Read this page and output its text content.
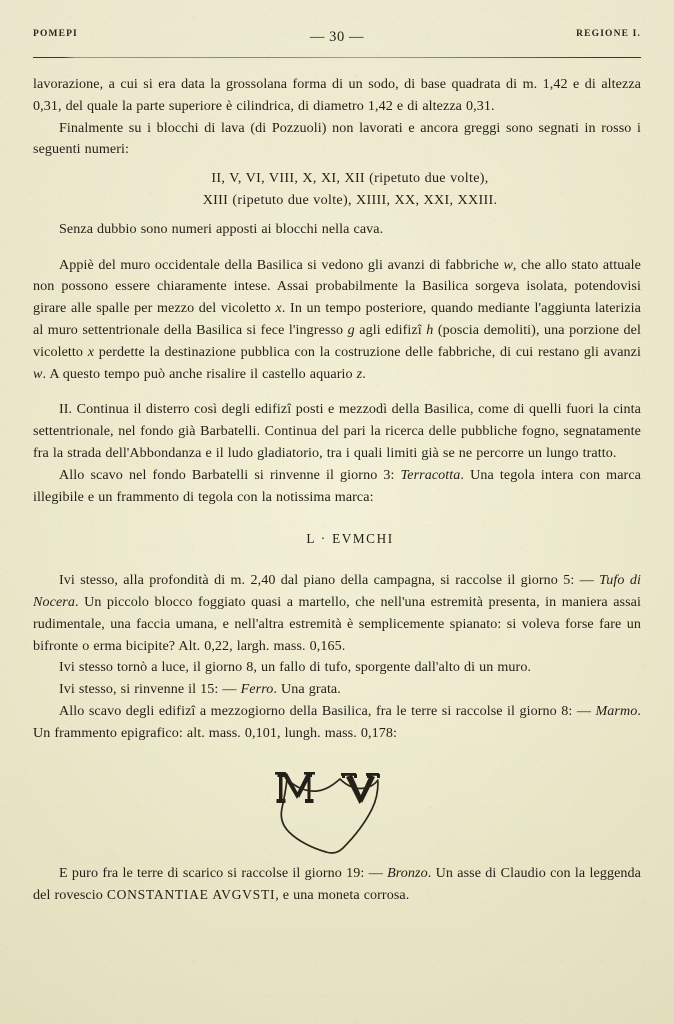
POMEPI	— 30 —	REGIONE I.

lavorazione, a cui si era data la grossolana forma di un sodo, di base quadrata di m. 1,42 e di altezza 0,31, del quale la parte superiore è cilindrica, di diametro 1,42 e di altezza 0,31.

Finalmente su i blocchi di lava (di Pozzuoli) non lavorati e ancora greggi sono segnati in rosso i seguenti numeri:

II, V, VI, VIII, X, XI, XII (ripetuto due volte),
XIII (ripetuto due volte), XIIII, XX, XXI, XXIII.

Senza dubbio sono numeri apposti ai blocchi nella cava.

Appiè del muro occidentale della Basilica si vedono gli avanzi di fabbriche w, che allo stato attuale non possono essere chiaramente intese. Assai probabilmente la Basilica sorgeva isolata, potendovisi girare alle spalle per mezzo del vicoletto x. In un tempo posteriore, quando mediante l'aggiunta laterizia al muro settentrionale della Basilica si fece l'ingresso g agli edifizî h (poscia demoliti), una porzione del vicoletto x perdette la destinazione pubblica con la costruzione delle fabbriche, di cui restano gli avanzi w. A questo tempo può anche risalire il castello aquario z.

II. Continua il disterro così degli edifizî posti e mezzodì della Basilica, come di quelli fuori la cinta settentrionale, nel fondo già Barbatelli. Continua del pari la ricerca delle pubbliche fogno, segnatamente fra la strada dell'Abbondanza e il ludo gladiatorio, tra i quali limiti già se ne percorre un lungo tratto.

Allo scavo nel fondo Barbatelli si rinvenne il giorno 3: Terracotta. Una tegola intera con marca illegibile e un frammento di tegola con la notissima marca:

L · EVMCHI

Ivi stesso, alla profondità di m. 2,40 dal piano della campagna, si raccolse il giorno 5: — Tufo di Nocera. Un piccolo blocco foggiato quasi a martello, che nell'una estremità presenta, in maniera assai rudimentale, una faccia umana, e nell'altra estremità è semplicemente spianato: si voleva forse fare un bifronte o erma bicipite? Alt. 0,22, largh. mass. 0,165.

Ivi stesso tornò a luce, il giorno 8, un fallo di tufo, sporgente dall'alto di un muro.

Ivi stesso, si rinvenne il 15: — Ferro. Una grata.

Allo scavo degli edifizî a mezzogiorno della Basilica, fra le terre si raccolse il giorno 8: — Marmo. Un frammento epigrafico: alt. mass. 0,101, lungh. mass. 0,178:

E puro fra le terre di scarico si raccolse il giorno 19: — Bronzo. Un asse di Claudio con la leggenda del rovescio CONSTANTIAE AVGVSTI, e una moneta corrosa.
